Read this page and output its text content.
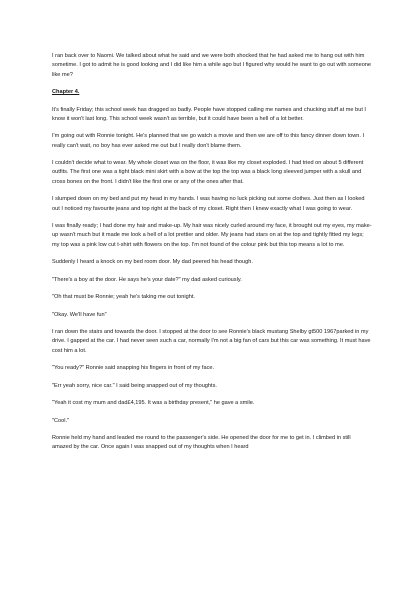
I ran back over to Naomi. We talked about what he said and we were both shocked that he had asked me to hang out with him sometime. I got to admit he is good looking and I did like him a while ago but I figured why would he want to go out with someone like me?

Chapter 4.

It's finally Friday; this school week has dragged so badly. People have stopped calling me names and chucking stuff at me but I know it won't last long. This school week wasn't as terrible, but it could have been a hell of a lot better.

I'm going out with Ronnie tonight. He's planned that we go watch a movie and then we are off to this fancy dinner down town. I really can't wait, no boy has ever asked me out but I really don't blame them.

I couldn't decide what to wear. My whole closet was on the floor, it was like my closet exploded. I had tried on about 5 different outfits. The first one was a tight black mini skirt with a bow at the top the top was a black long sleeved jumper with a skull and cross bones on the front. I didn't like the first one or any of the ones after that.

I slumped down on my bed and put my head in my hands. I was having no luck picking out some clothes. Just then as I looked out I noticed my favourite jeans and top right at the back of my closet. Right then I knew exactly what I was going to wear.

I was finally ready; I had done my hair and make-up. My hair was nicely curled around my face, it brought out my eyes, my make-up wasn't much but it made me look a hell of a lot prettier and older. My jeans had stars on at the top and tightly fitted my legs; my top was a pink low cut t-shirt with flowers on the top. I'm not found of the colour pink but this top means a lot to me.

Suddenly I heard a knock on my bed room door. My dad peered his head though.

"There's a boy at the door. He says he's your date?" my dad asked curiously.

"Oh that must be Ronnie; yeah he's taking me out tonight.

"Okay. We'll have fun"

I ran down the stairs and towards the door. I stopped at the door to see Ronnie's black mustang Shelby gt500 1967parked in my drive. I gapped at the car. I had never seen such a car, normally I'm not a big fan of cars but this car was something. It must have cost him a lot.

"You ready?" Ronnie said snapping his fingers in front of my face.

"Err yeah sorry, nice car." I said being snapped out of my thoughts.

"Yeah it cost my mum and dad£4,195. It was a birthday present," he gave a smile.

"Cool."

Ronnie held my hand and leaded me round to the passenger's side. He opened the door for me to get in. I climbed in still amazed by the car. Once again I was snapped out of my thoughts when I heard
